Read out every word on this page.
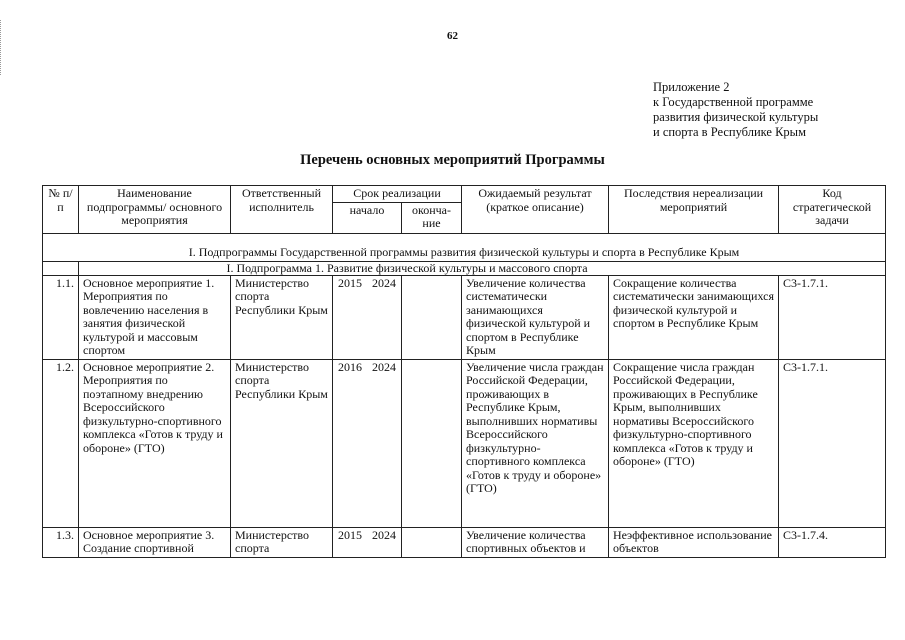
62
Приложение 2
к Государственной программе
развития физической культуры
и спорта в Республике Крым
Перечень основных мероприятий Программы
№ п/п	Наименование подпрограммы/ основного мероприятия	Ответственный исполнитель	Срок реализации		Ожидаемый результат (краткое описание)	Последствия нереализации мероприятий	Код стратегической задачи
			начало	оконча-ние			
I. Подпрограммы Государственной программы развития физической культуры и спорта в Республике Крым							
	I. Подпрограмма 1. Развитие физической культуры и массового спорта						
1.1.	Основное мероприятие 1. Мероприятия по вовлечению населения в занятия физической культурой и массовым спортом	Министерство спорта Республики Крым	2015 2024		Увеличение количества систематически занимающихся физической культурой и спортом в Республике Крым	Сокращение количества систематически занимающихся физической культурой и спортом в Республике Крым	С3-1.7.1.
1.2.	Основное мероприятие 2. Мероприятия по поэтапному внедрению Всероссийского физкультурно-спортивного комплекса «Готов к труду и обороне» (ГТО)	Министерство спорта Республики Крым	2016 2024		Увеличение числа граждан Российской Федерации, проживающих в Республике Крым, выполнивших нормативы Всероссийского физкультурно-спортивного комплекса «Готов к труду и обороне» (ГТО)	Сокращение числа граждан Российской Федерации, проживающих в Республике Крым, выполнивших нормативы Всероссийского физкультурно-спортивного комплекса «Готов к труду и обороне» (ГТО)	С3-1.7.1.
1.3.	Основное мероприятие 3. Создание спортивной	Министерство спорта	2015 2024		Увеличение количества спортивных объектов и	Неэффективное использование объектов	С3-1.7.4.
